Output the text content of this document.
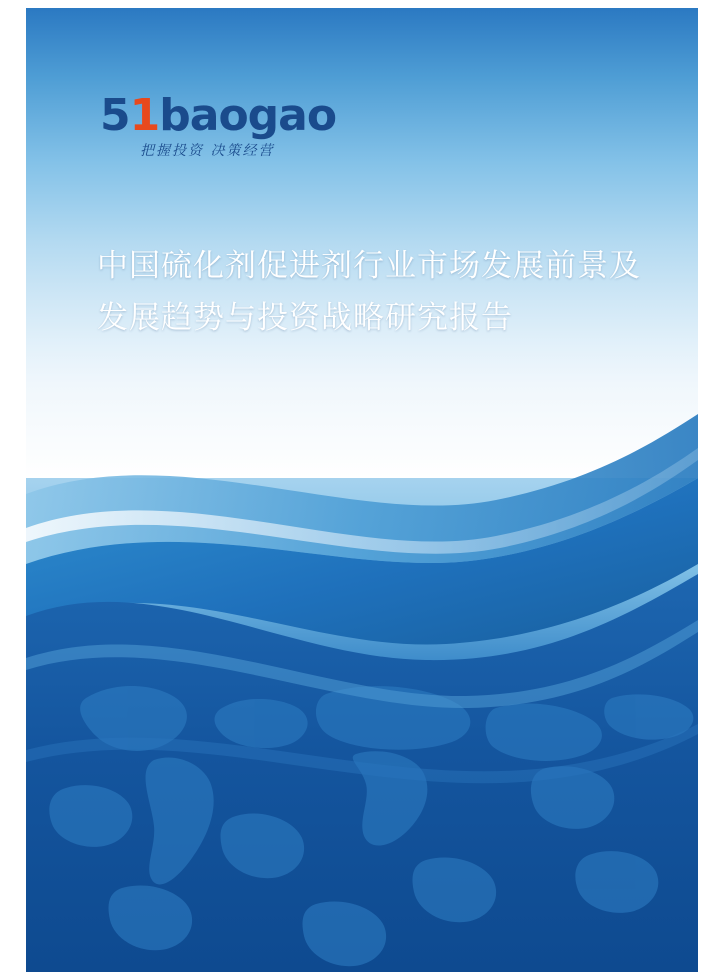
51baogao
把握投资 决策经营
中国硫化剂促进剂行业市场发展前景及发展趋势与投资战略研究报告
